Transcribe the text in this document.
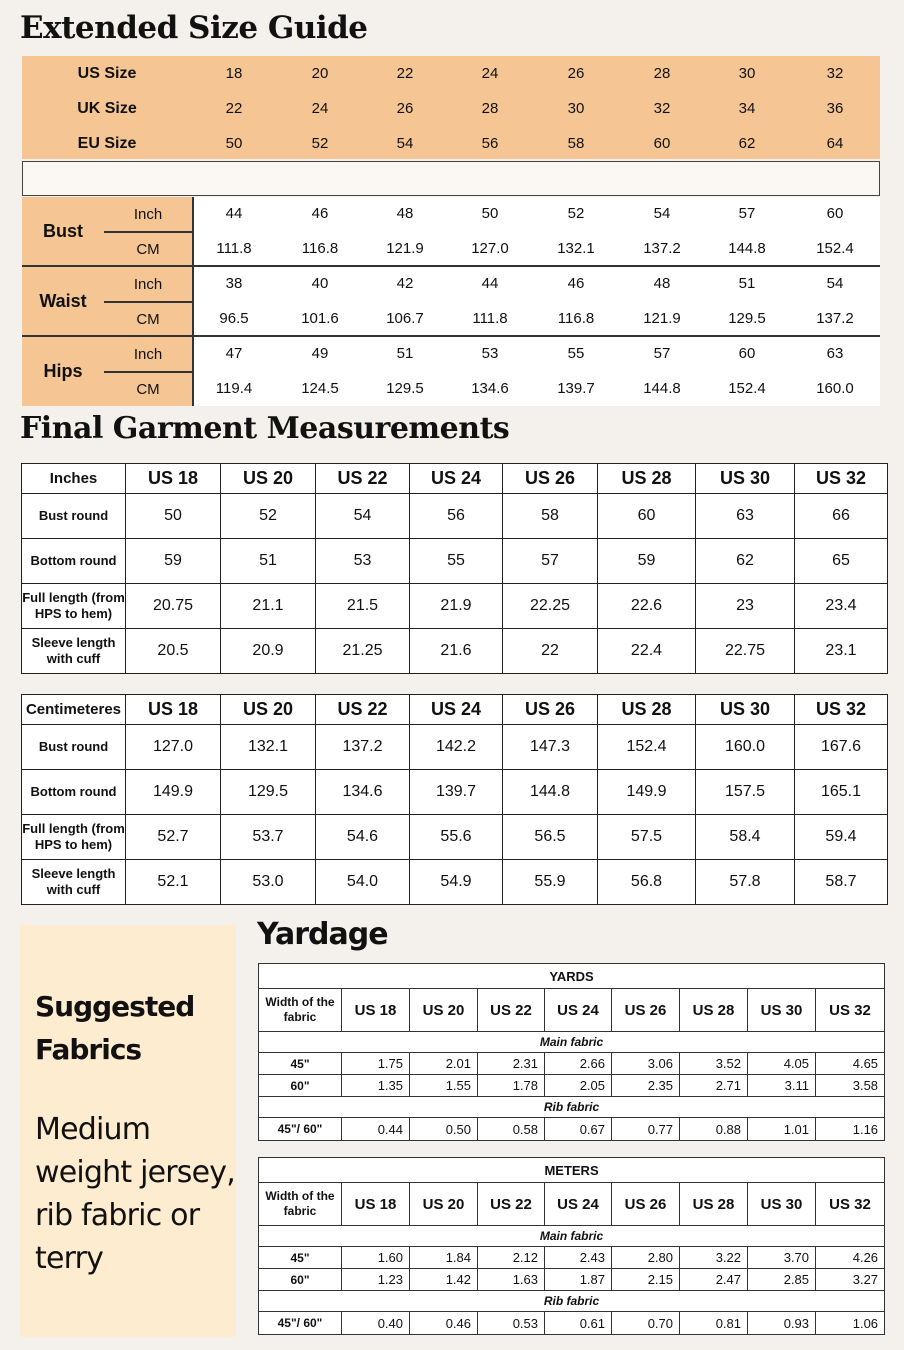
Extended Size Guide
US Size	18	20	22	24	26	28	30	32
UK Size	22	24	26	28	30	32	34	36
EU Size	50	52	54	56	58	60	62	64
Bust
Inch	44	46	48	50	52	54	57	60
CM	111.8	116.8	121.9	127.0	132.1	137.2	144.8	152.4
Waist
Inch	38	40	42	44	46	48	51	54
CM	96.5	101.6	106.7	111.8	116.8	121.9	129.5	137.2
Hips
Inch	47	49	51	53	55	57	60	63
CM	119.4	124.5	129.5	134.6	139.7	144.8	152.4	160.0
Final Garment Measurements
Inches	US 18	US 20	US 22	US 24	US 26	US 28	US 30	US 32
Bust round	50	52	54	56	58	60	63	66
Bottom round	59	51	53	55	57	59	62	65
Full length (from HPS to hem)	20.75	21.1	21.5	21.9	22.25	22.6	23	23.4
Sleeve length with cuff	20.5	20.9	21.25	21.6	22	22.4	22.75	23.1
Centimeteres	US 18	US 20	US 22	US 24	US 26	US 28	US 30	US 32
Bust round	127.0	132.1	137.2	142.2	147.3	152.4	160.0	167.6
Bottom round	149.9	129.5	134.6	139.7	144.8	149.9	157.5	165.1
Full length (from HPS to hem)	52.7	53.7	54.6	55.6	56.5	57.5	58.4	59.4
Sleeve length with cuff	52.1	53.0	54.0	54.9	55.9	56.8	57.8	58.7
Suggested Fabrics
Medium weight jersey, rib fabric or terry
Yardage
YARDS								
Width of the fabric	US 18	US 20	US 22	US 24	US 26	US 28	US 30	US 32
Main fabric								
45"	1.75	2.01	2.31	2.66	3.06	3.52	4.05	4.65
60"	1.35	1.55	1.78	2.05	2.35	2.71	3.11	3.58
Rib fabric								
45"/ 60"	0.44	0.50	0.58	0.67	0.77	0.88	1.01	1.16
METERS								
Width of the fabric	US 18	US 20	US 22	US 24	US 26	US 28	US 30	US 32
Main fabric								
45"	1.60	1.84	2.12	2.43	2.80	3.22	3.70	4.26
60"	1.23	1.42	1.63	1.87	2.15	2.47	2.85	3.27
Rib fabric								
45"/ 60"	0.40	0.46	0.53	0.61	0.70	0.81	0.93	1.06
